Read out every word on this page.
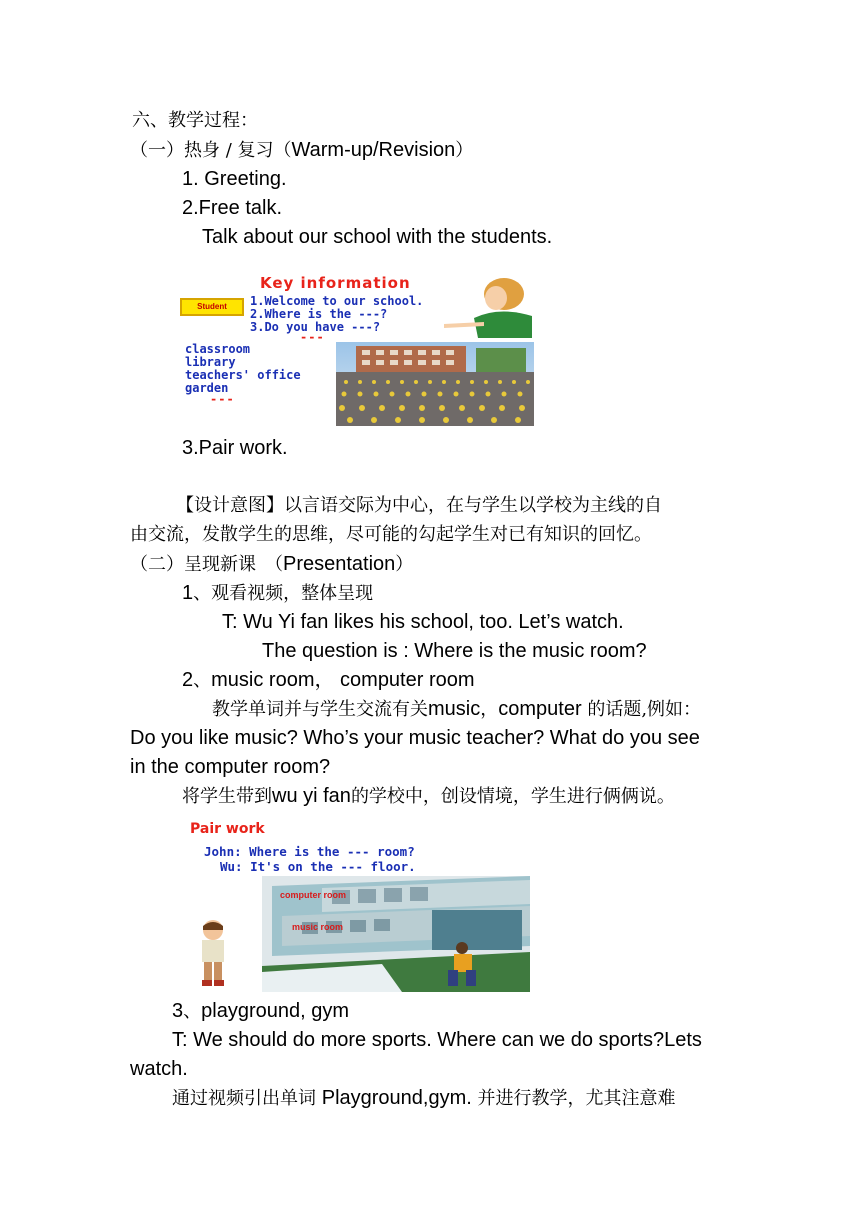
六、教学过程：
（一）热身 / 复习（Warm-up/Revision）
1. Greeting.
2.Free talk.
Talk about our school with the students.
Key information
Student	1.Welcome to our school.
2.Where is the ---?
3.Do you have ---?
---
classroom
library
teachers' office
garden
---
3.Pair work.
【设计意图】以言语交际为中心，在与学生以学校为主线的自
由交流，发散学生的思维，尽可能的勾起学生对已有知识的回忆。
（二）呈现新课　（Presentation）
1、观看视频，整体呈现
T: Wu Yi fan likes his school, too. Let’s watch.
The question is : Where is the music room?
2、music room， computer room
教学单词并与学生交流有关music，computer 的话题,例如：
Do you like music? Who’s your music teacher? What do you see
in the computer room?
将学生带到wu yi fan的学校中，创设情境，学生进行俩俩说。
Pair work
John: Where is the --- room?
Wu: It's on the --- floor.
computer room
music room
3、playground, gym
T: We should do more sports. Where can we do sports?Lets
watch.
通过视频引出单词 Playground,gym. 并进行教学，尤其注意难
